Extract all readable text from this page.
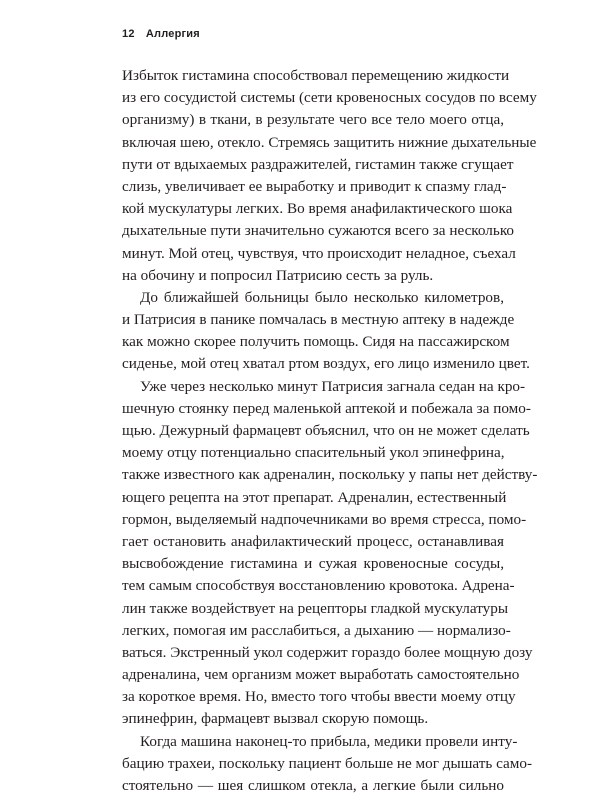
12 Аллергия
Избыток гистамина способствовал перемещению жидкости
из его сосудистой системы (сети кровеносных сосудов по всему
организму) в ткани, в результате чего все тело моего отца,
включая шею, отекло. Стремясь защитить нижние дыхательные
пути от вдыхаемых раздражителей, гистамин также сгущает
слизь, увеличивает ее выработку и приводит к спазму глад-
кой мускулатуры легких. Во время анафилактического шока
дыхательные пути значительно сужаются всего за несколько
минут. Мой отец, чувствуя, что происходит неладное, съехал
на обочину и попросил Патрисию сесть за руль.
До ближайшей больницы было несколько километров,
и Патрисия в панике помчалась в местную аптеку в надежде
как можно скорее получить помощь. Сидя на пассажирском
сиденье, мой отец хватал ртом воздух, его лицо изменило цвет.
Уже через несколько минут Патрисия загнала седан на кро-
шечную стоянку перед маленькой аптекой и побежала за помо-
щью. Дежурный фармацевт объяснил, что он не может сделать
моему отцу потенциально спасительный укол эпинефрина,
также известного как адреналин, поскольку у папы нет действу-
ющего рецепта на этот препарат. Адреналин, естественный
гормон, выделяемый надпочечниками во время стресса, помо-
гает остановить анафилактический процесс, останавливая
высвобождение гистамина и сужая кровеносные сосуды,
тем самым способствуя восстановлению кровотока. Адрена-
лин также воздействует на рецепторы гладкой мускулатуры
легких, помогая им расслабиться, а дыханию — нормализо-
ваться. Экстренный укол содержит гораздо более мощную дозу
адреналина, чем организм может выработать самостоятельно
за короткое время. Но, вместо того чтобы ввести моему отцу
эпинефрин, фармацевт вызвал скорую помощь.
Когда машина наконец-то прибыла, медики провели инту-
бацию трахеи, поскольку пациент больше не мог дышать само-
стоятельно — шея слишком отекла, а легкие были сильно
